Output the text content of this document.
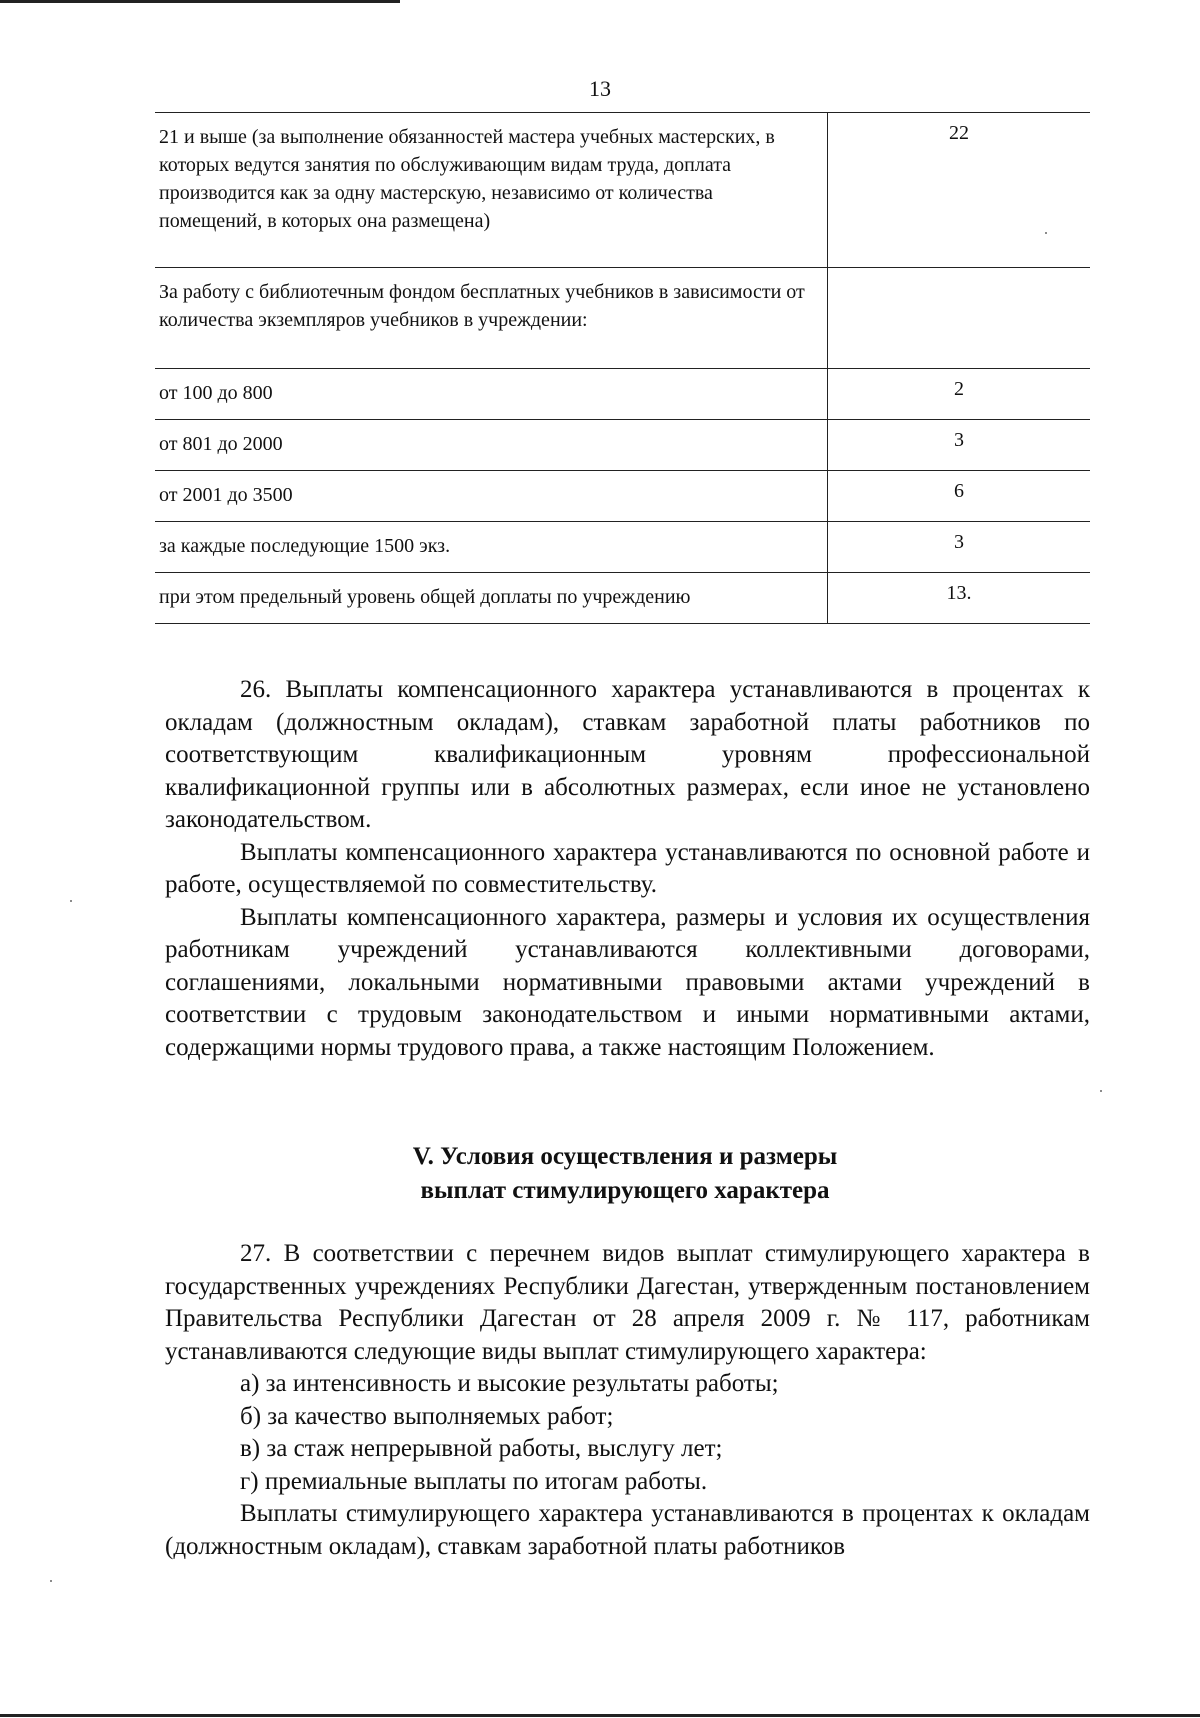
13
21 и выше (за выполнение обязанностей мастера учебных мастерских, в которых ведутся занятия по обслуживающим видам труда, доплата производится как за одну мастерскую, независимо от количества помещений, в которых она размещена)	22
За работу с библиотечным фондом бесплатных учебников в зависимости от количества экземпляров учебников в учреждении:	
от 100 до 800	2
от 801 до 2000	3
от 2001 до 3500	6
за каждые последующие 1500 экз.	3
при этом предельный уровень общей доплаты по учреждению	13.

26. Выплаты компенсационного характера устанавливаются в процентах к окладам (должностным окладам), ставкам заработной платы работников по соответствующим квалификационным уровням профессиональной квалификационной группы или в абсолютных размерах, если иное не установлено законодательством.

Выплаты компенсационного характера устанавливаются по основной работе и работе, осуществляемой по совместительству.

Выплаты компенсационного характера, размеры и условия их осуществления работникам учреждений устанавливаются коллективными договорами, соглашениями, локальными нормативными правовыми актами учреждений в соответствии с трудовым законодательством и иными нормативными актами, содержащими нормы трудового права, а также настоящим Положением.

V. Условия осуществления и размеры
выплат стимулирующего характера

27. В соответствии с перечнем видов выплат стимулирующего характера в государственных учреждениях Республики Дагестан, утвержденным постановлением Правительства Республики Дагестан от 28 апреля 2009 г. № 117, работникам устанавливаются следующие виды выплат стимулирующего характера:

а) за интенсивность и высокие результаты работы;

б) за качество выполняемых работ;

в) за стаж непрерывной работы, выслугу лет;

г) премиальные выплаты по итогам работы.

Выплаты стимулирующего характера устанавливаются в процентах к окладам (должностным окладам), ставкам заработной платы работников
